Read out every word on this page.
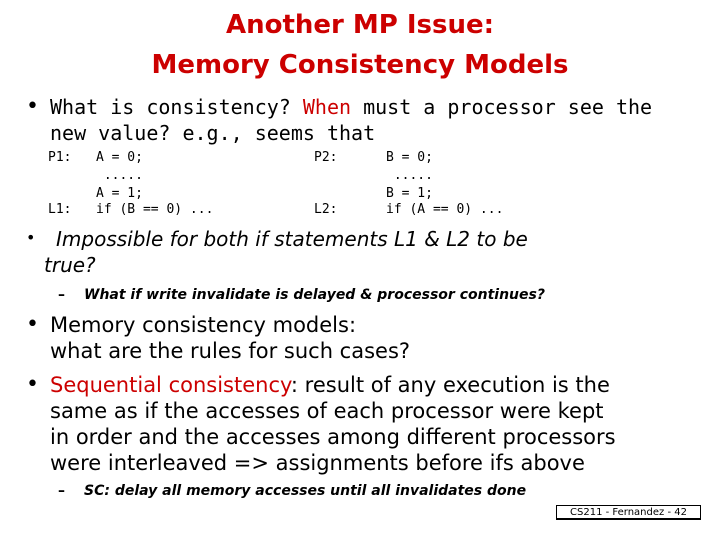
Another MP Issue:
Memory Consistency Models
• What is consistency? When must a processor see the
new value? e.g., seems that
P1:
L1:
A = 0;
.....
A = 1;
if (B == 0) ...
P2:
L2:
B = 0;
.....
B = 1;
if (A == 0) ...
• Impossible for both if statements L1 & L2 to be
true?
– What if write invalidate is delayed & processor continues?
• Memory consistency models:
what are the rules for such cases?
• Sequential consistency: result of any execution is the
same as if the accesses of each processor were kept
in order and the accesses among different processors
were interleaved => assignments before ifs above
– SC: delay all memory accesses until all invalidates done
CS211 - Fernandez - 42
